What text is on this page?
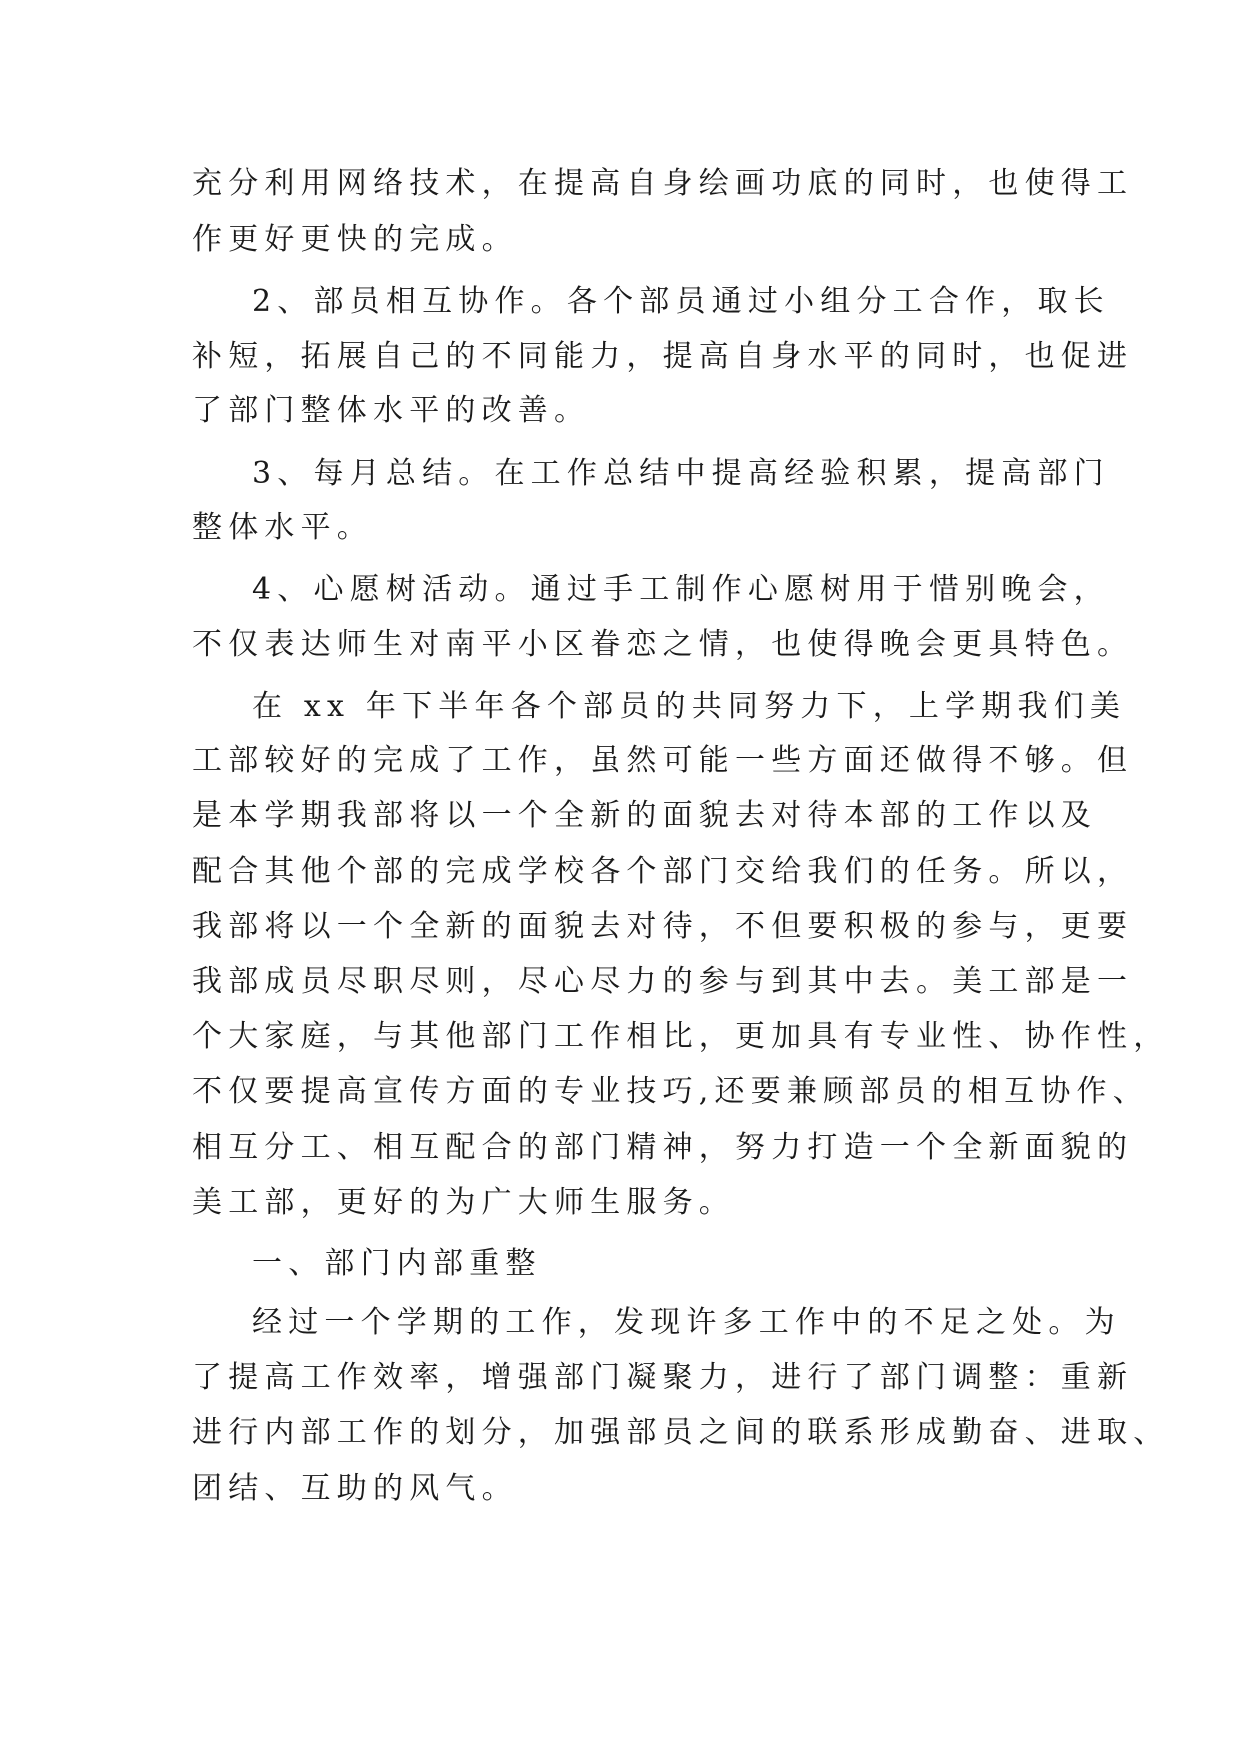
充分利用网络技术，在提高自身绘画功底的同时，也使得工
作更好更快的完成。
2、部员相互协作。各个部员通过小组分工合作，取长
补短，拓展自己的不同能力，提高自身水平的同时，也促进
了部门整体水平的改善。
3、每月总结。在工作总结中提高经验积累，提高部门
整体水平。
4、心愿树活动。通过手工制作心愿树用于惜别晚会，
不仅表达师生对南平小区眷恋之情，也使得晚会更具特色。
在 xx 年下半年各个部员的共同努力下，上学期我们美
工部较好的完成了工作，虽然可能一些方面还做得不够。但
是本学期我部将以一个全新的面貌去对待本部的工作以及
配合其他个部的完成学校各个部门交给我们的任务。所以，
我部将以一个全新的面貌去对待，不但要积极的参与，更要
我部成员尽职尽则，尽心尽力的参与到其中去。美工部是一
个大家庭，与其他部门工作相比，更加具有专业性、协作性，
不仅要提高宣传方面的专业技巧,还要兼顾部员的相互协作、
相互分工、相互配合的部门精神，努力打造一个全新面貌的
美工部，更好的为广大师生服务。
一、部门内部重整
经过一个学期的工作，发现许多工作中的不足之处。为
了提高工作效率，增强部门凝聚力，进行了部门调整：重新
进行内部工作的划分，加强部员之间的联系形成勤奋、进取、
团结、互助的风气。
